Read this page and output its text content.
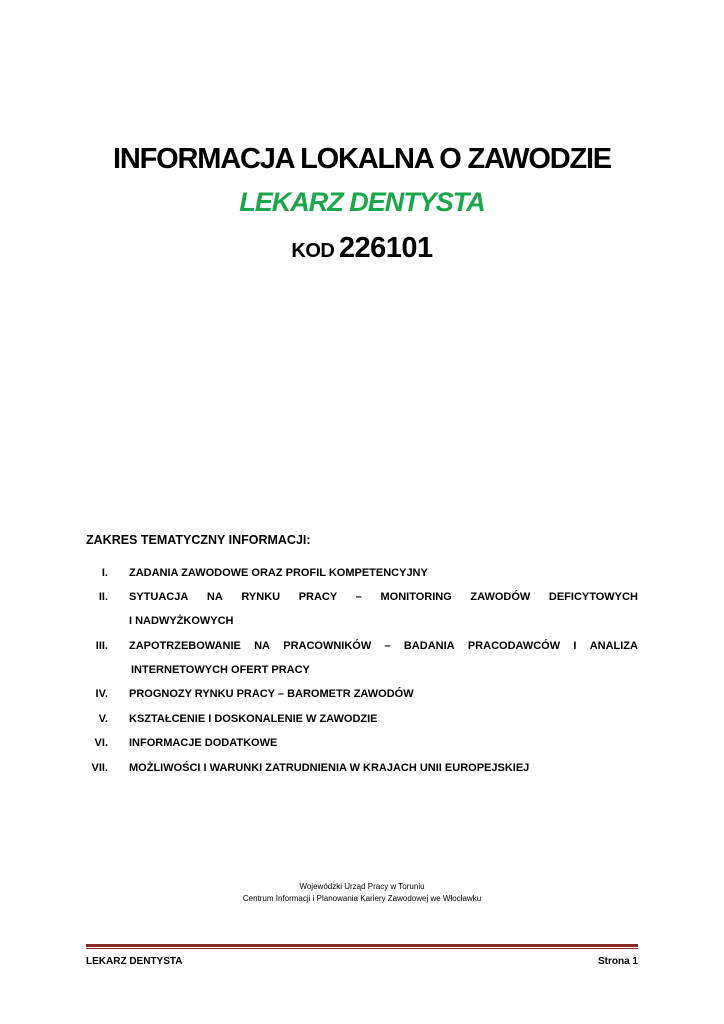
INFORMACJA LOKALNA O ZAWODZIE
LEKARZ DENTYSTA
KOD 226101
ZAKRES TEMATYCZNY INFORMACJI:
I. ZADANIA ZAWODOWE ORAZ PROFIL KOMPETENCYJNY
II. SYTUACJA NA RYNKU PRACY – MONITORING ZAWODÓW DEFICYTOWYCH
I NADWYŻKOWYCH
III. ZAPOTRZEBOWANIE NA PRACOWNIKÓW – BADANIA PRACODAWCÓW I ANALIZA
INTERNETOWYCH OFERT PRACY
IV. PROGNOZY RYNKU PRACY – BAROMETR ZAWODÓW
V. KSZTAŁCENIE I DOSKONALENIE W ZAWODZIE
VI. INFORMACJE DODATKOWE
VII. MOŻLIWOŚCI I WARUNKI ZATRUDNIENIA W KRAJACH UNII EUROPEJSKIEJ
Wojewódzki Urząd Pracy w Toruniu
Centrum Informacji i Planowania Kariery Zawodowej we Włocławku
LEKARZ DENTYSTA	Strona 1
